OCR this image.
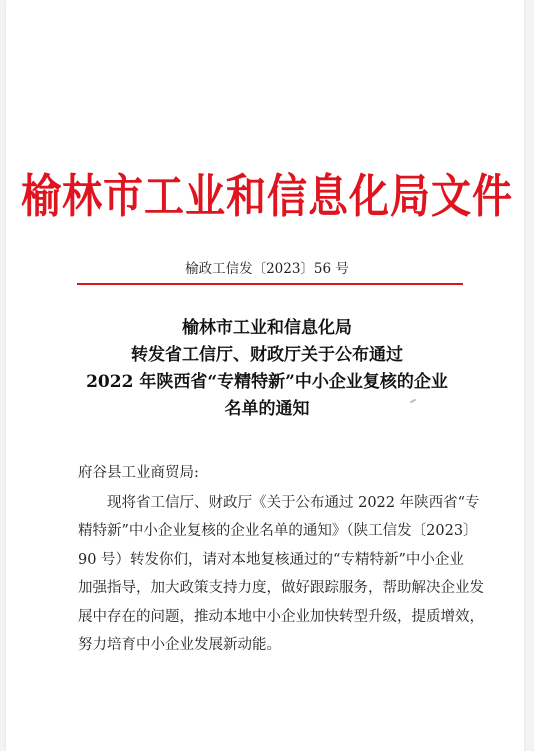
榆林市工业和信息化局文件
榆政工信发〔2023〕56 号
榆林市工业和信息化局
转发省工信厅、财政厅关于公布通过
2022 年陕西省“专精特新”中小企业复核的企业
名单的通知
府谷县工业商贸局:
现将省工信厅、财政厅《关于公布通过 2022 年陕西省“专
精特新”中小企业复核的企业名单的通知》（陕工信发〔2023〕
90 号）转发你们，请对本地复核通过的“专精特新”中小企业
加强指导，加大政策支持力度，做好跟踪服务，帮助解决企业发
展中存在的问题，推动本地中小企业加快转型升级，提质增效，
努力培育中小企业发展新动能。
